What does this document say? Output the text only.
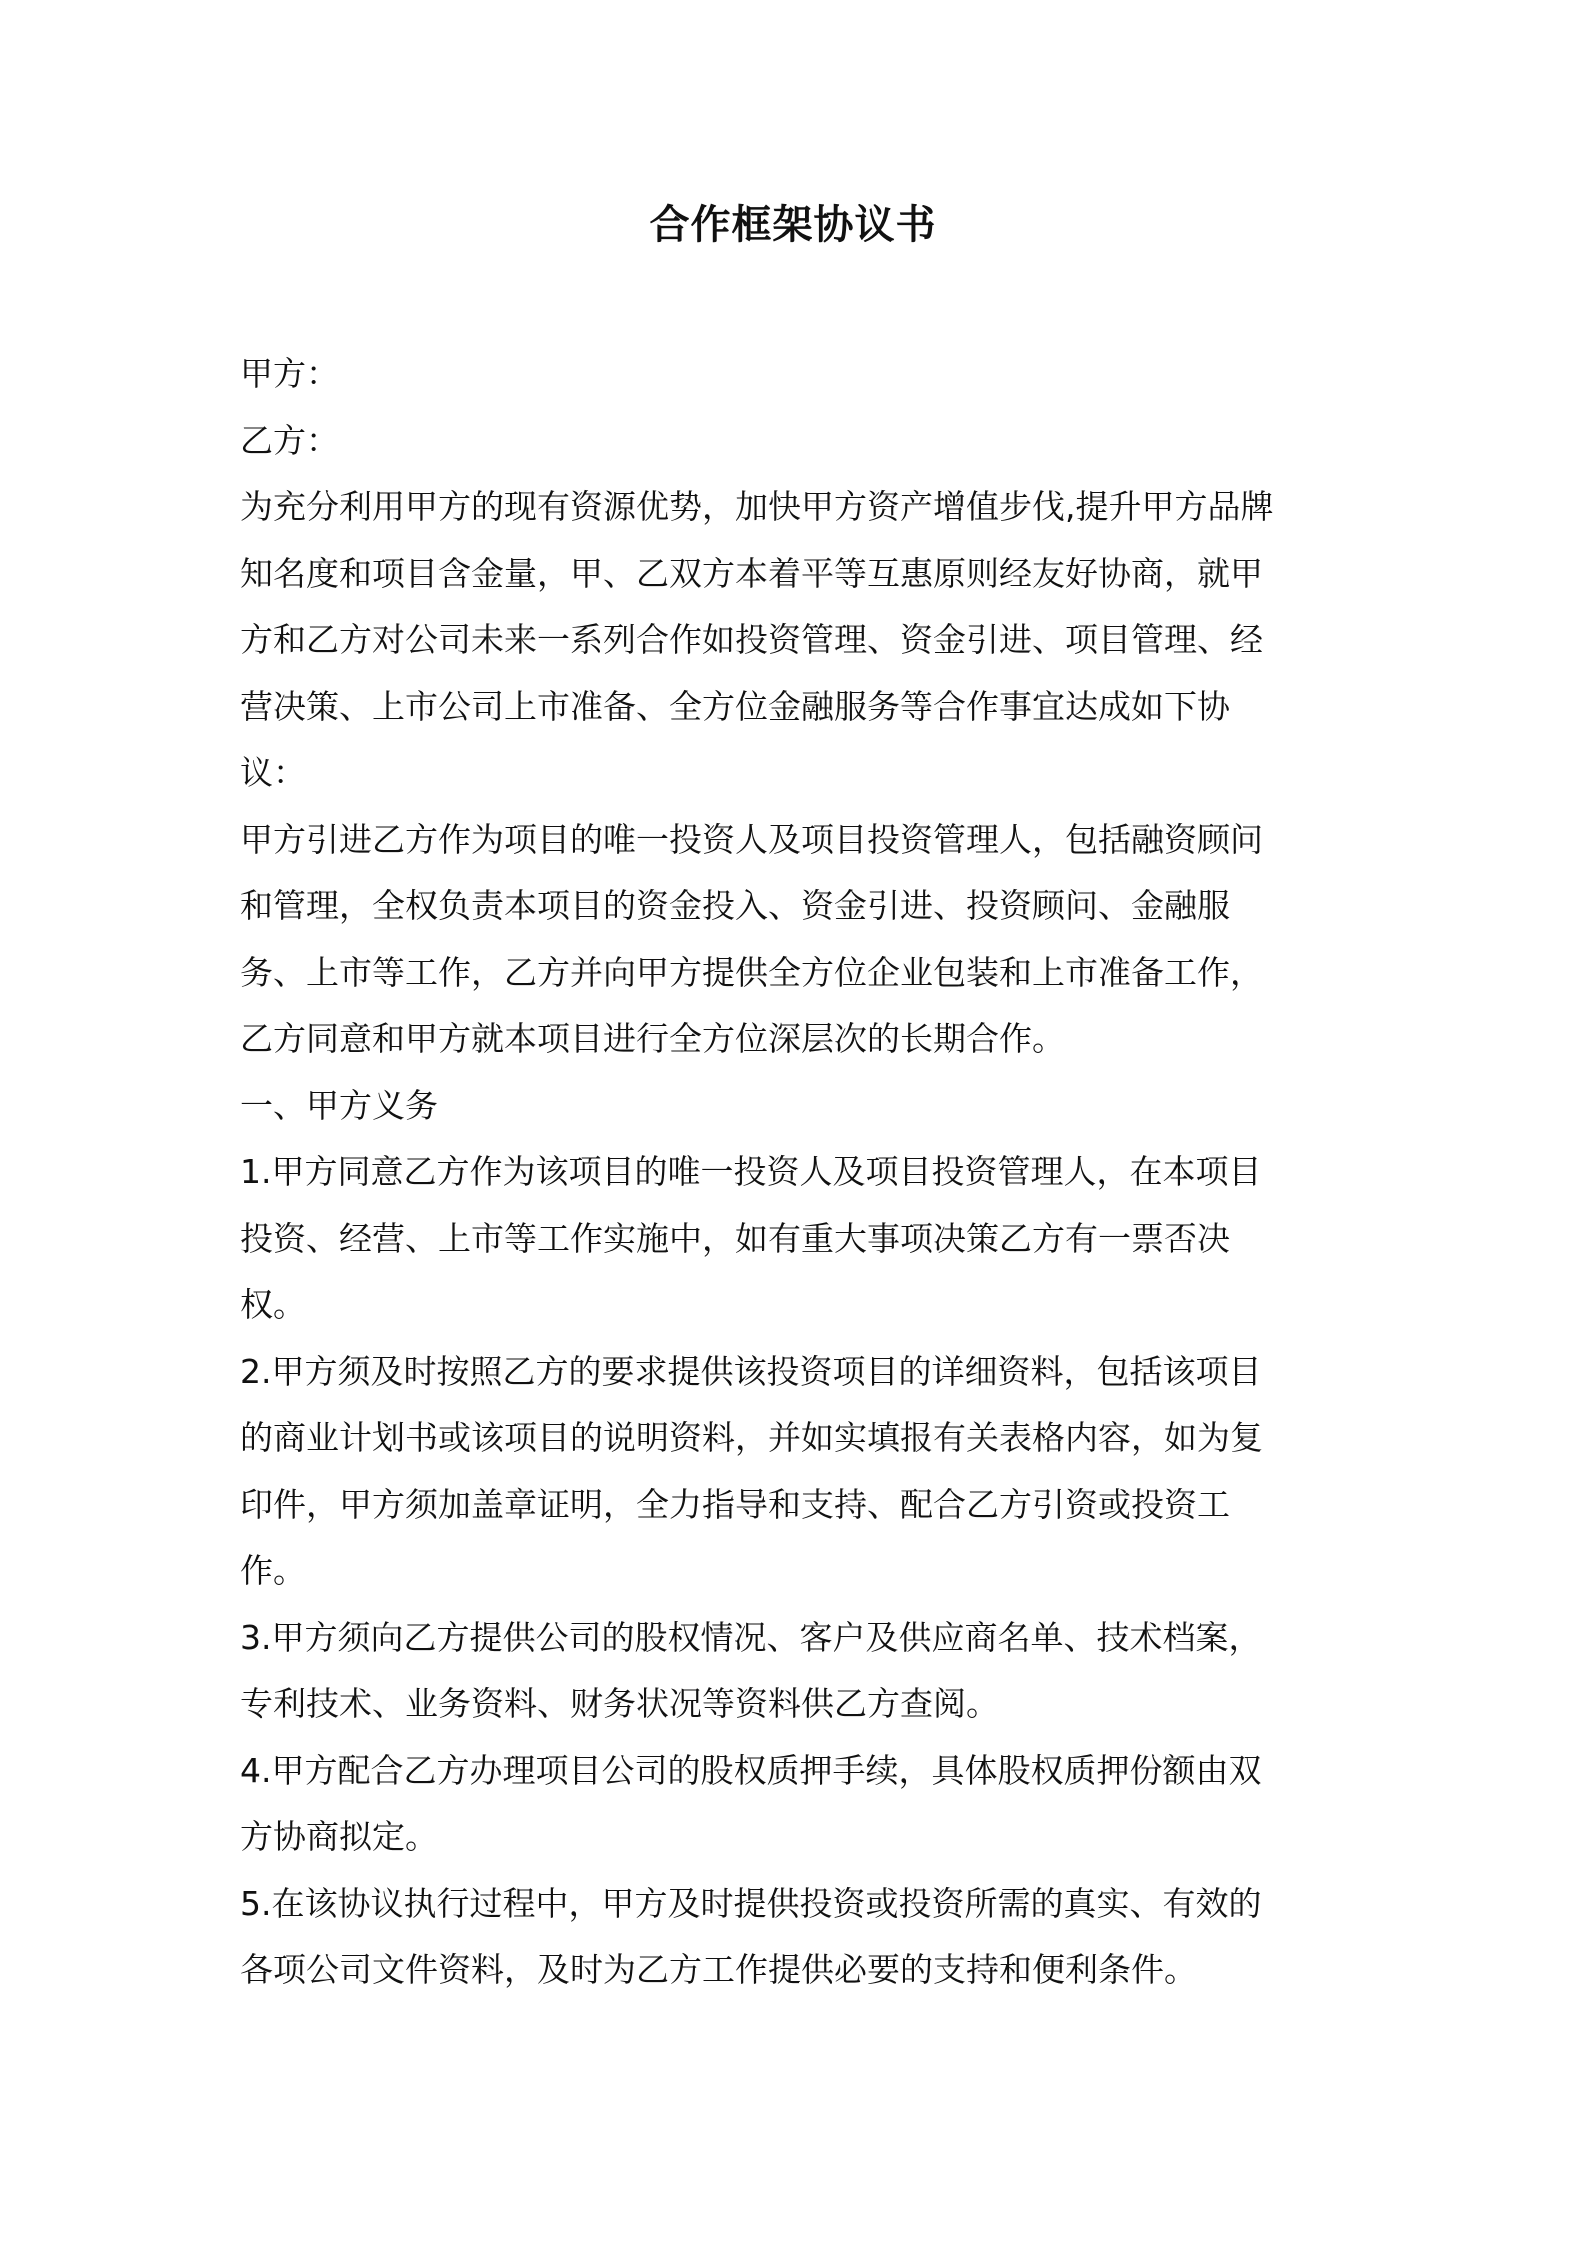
合作框架协议书
甲方：
乙方：
为充分利用甲方的现有资源优势，加快甲方资产增值步伐,提升甲方品牌
知名度和项目含金量，甲、乙双方本着平等互惠原则经友好协商，就甲
方和乙方对公司未来一系列合作如投资管理、资金引进、项目管理、经
营决策、上市公司上市准备、全方位金融服务等合作事宜达成如下协
议：
甲方引进乙方作为项目的唯一投资人及项目投资管理人，包括融资顾问
和管理，全权负责本项目的资金投入、资金引进、投资顾问、金融服
务、上市等工作，乙方并向甲方提供全方位企业包装和上市准备工作，
乙方同意和甲方就本项目进行全方位深层次的长期合作。
一、甲方义务
1.甲方同意乙方作为该项目的唯一投资人及项目投资管理人，在本项目
投资、经营、上市等工作实施中，如有重大事项决策乙方有一票否决
权。
2.甲方须及时按照乙方的要求提供该投资项目的详细资料，包括该项目
的商业计划书或该项目的说明资料，并如实填报有关表格内容，如为复
印件，甲方须加盖章证明，全力指导和支持、配合乙方引资或投资工
作。
3.甲方须向乙方提供公司的股权情况、客户及供应商名单、技术档案，
专利技术、业务资料、财务状况等资料供乙方查阅。
4.甲方配合乙方办理项目公司的股权质押手续，具体股权质押份额由双
方协商拟定。
5.在该协议执行过程中，甲方及时提供投资或投资所需的真实、有效的
各项公司文件资料，及时为乙方工作提供必要的支持和便利条件。
